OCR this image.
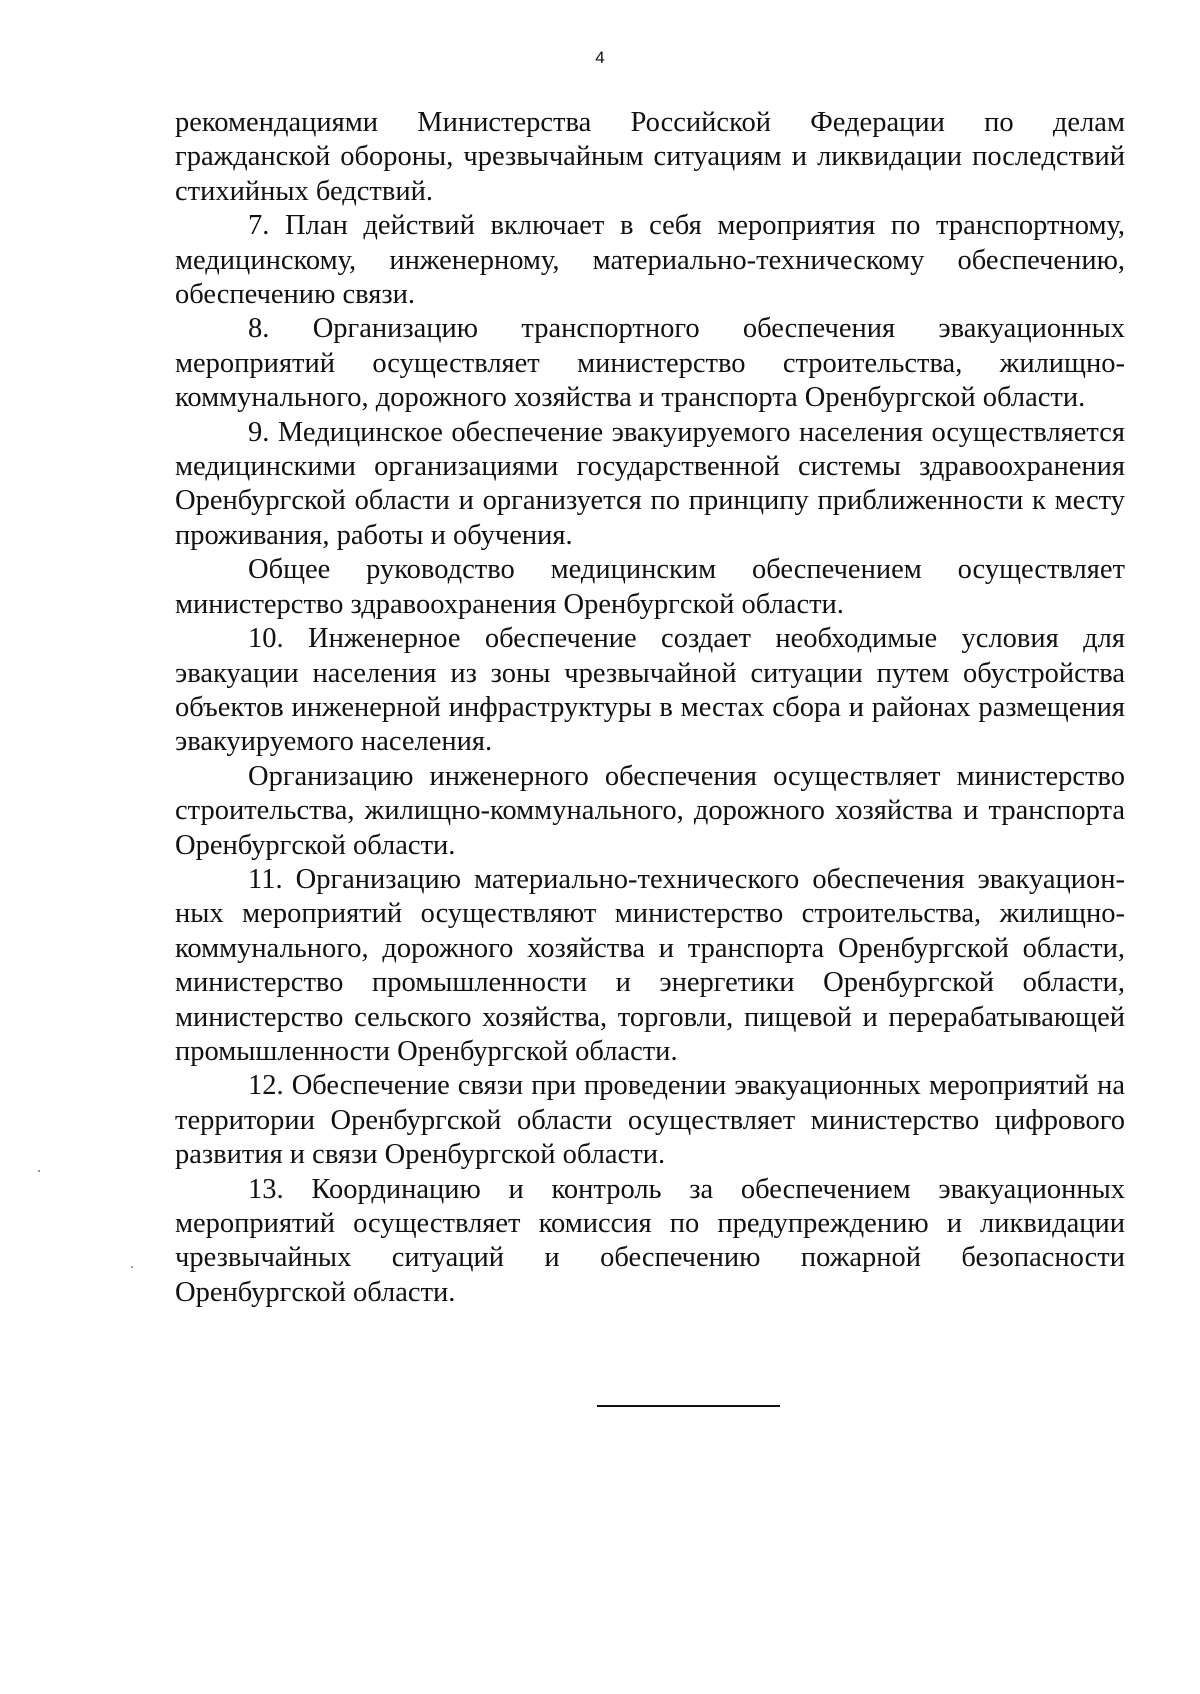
4

рекомендациями Министерства Российской Федерации по делам гражданской обороны, чрезвычайным ситуациям и ликвидации последствий стихийных бедствий.

7. План действий включает в себя мероприятия по транспортному, медицинскому, инженерному, материально-техническому обеспечению, обеспечению связи.

8. Организацию транспортного обеспечения эвакуационных мероприятий осуществляет министерство строительства, жилищно-коммунального, дорожного хозяйства и транспорта Оренбургской области.

9. Медицинское обеспечение эвакуируемого населения осуществляется медицинскими организациями государственной системы здравоохранения Оренбургской области и организуется по принципу приближенности к месту проживания, работы и обучения.

Общее руководство медицинским обеспечением осуществляет министерство здравоохранения Оренбургской области.

10. Инженерное обеспечение создает необходимые условия для эвакуации населения из зоны чрезвычайной ситуации путем обустройства объектов инженерной инфраструктуры в местах сбора и районах размещения эвакуируемого населения.

Организацию инженерного обеспечения осуществляет министерство строительства, жилищно-коммунального, дорожного хозяйства и транспорта Оренбургской области.

11. Организацию материально-технического обеспечения эвакуационных мероприятий осуществляют министерство строительства, жилищно-коммунального, дорожного хозяйства и транспорта Оренбургской области, министерство промышленности и энергетики Оренбургской области, министерство сельского хозяйства, торговли, пищевой и перерабатывающей промышленности Оренбургской области.

12. Обеспечение связи при проведении эвакуационных мероприятий на территории Оренбургской области осуществляет министерство цифрового развития и связи Оренбургской области.

13. Координацию и контроль за обеспечением эвакуационных мероприятий осуществляет комиссия по предупреждению и ликвидации чрезвычайных ситуаций и обеспечению пожарной безопасности Оренбургской области.
